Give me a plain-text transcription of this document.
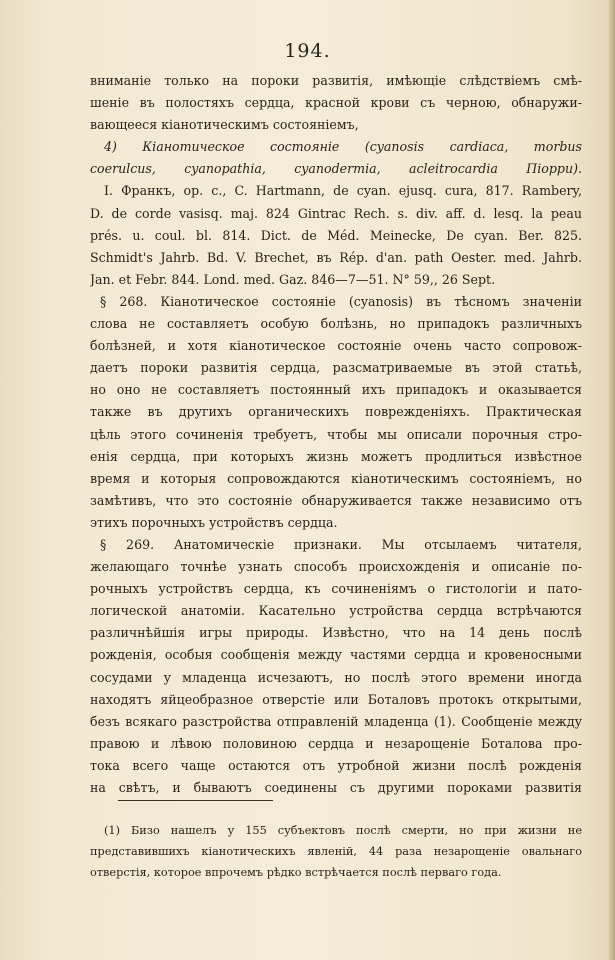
194.
вниманіе только на пороки развитія, имѣющіе слѣдствіемъ смѣ-
шеніе въ полостяхъ сердца, красной крови съ черною, обнаружи-
вающееся кіанотическимъ состояніемъ,
4) Кіанотическое состояніе (cyanosis cardiaca, morbus
coerulcus, cyanopathia, cyanodermia, acleitrocardia Піорри).
I. Франкъ, op. c., C. Hartmann, de cyan. ejusq. cura, 817. Rambery,
D. de corde vasisq. maj. 824 Gintrac Rech. s. div. aff. d. lesq. la peau
prés. u. coul. bl. 814. Dict. de Méd. Meinecke, De cyan. Ber. 825.
Schmidt's Jahrb. Bd. V. Brechet, въ Rép. d'an. path Oester. med. Jahrb.
Jan. et Febr. 844. Lond. med. Gaz. 846—7—51. N° 59,, 26 Sept.
§ 268. Кіанотическое состояніе (cyanosis) въ тѣсномъ значеніи
слова не составляетъ особую болѣзнь, но припадокъ различныхъ
болѣзней, и хотя кіанотическое состояніе очень часто сопровож-
даетъ пороки развитія сердца, разсматриваемые въ этой статьѣ,
но оно не составляетъ постоянный ихъ припадокъ и оказывается
также въ другихъ органическихъ поврежденіяхъ. Практическая
цѣль этого сочиненія требуетъ, чтобы мы описали порочныя стро-
енія сердца, при которыхъ жизнь можетъ продлиться извѣстное
время и которыя сопровождаются кіанотическимъ состояніемъ, но
замѣтивъ, что это состояніе обнаруживается также независимо отъ
этихъ порочныхъ устройствъ сердца.
§ 269. Анатомическіе признаки. Мы отсылаемъ читателя,
желающаго точнѣе узнать способъ происхожденія и описаніе по-
рочныхъ устройствъ сердца, къ сочиненіямъ о гистологіи и пато-
логической анатоміи. Касательно устройства сердца встрѣчаются
различнѣйшія игры природы. Извѣстно, что на 14 день послѣ
рожденія, особыя сообщенія между частями сердца и кровеносными
сосудами у младенца исчезаютъ, но послѣ этого времени иногда
находятъ яйцеобразное отверстіе или Боталовъ протокъ открытыми,
безъ всякаго разстройства отправленій младенца (1). Сообщеніе между
правою и лѣвою половиною сердца и незарощеніе Боталова про-
тока всего чаще остаются отъ утробной жизни послѣ рожденія
на свѣтъ, и бываютъ соединены съ другими пороками развитія
(1) Бизо нашелъ у 155 субъектовъ послѣ смерти, но при жизни не
представившихъ кіанотическихъ явленій, 44 раза незарощеніе овальнаго
отверстія, которое впрочемъ рѣдко встрѣчается послѣ перваго года.
